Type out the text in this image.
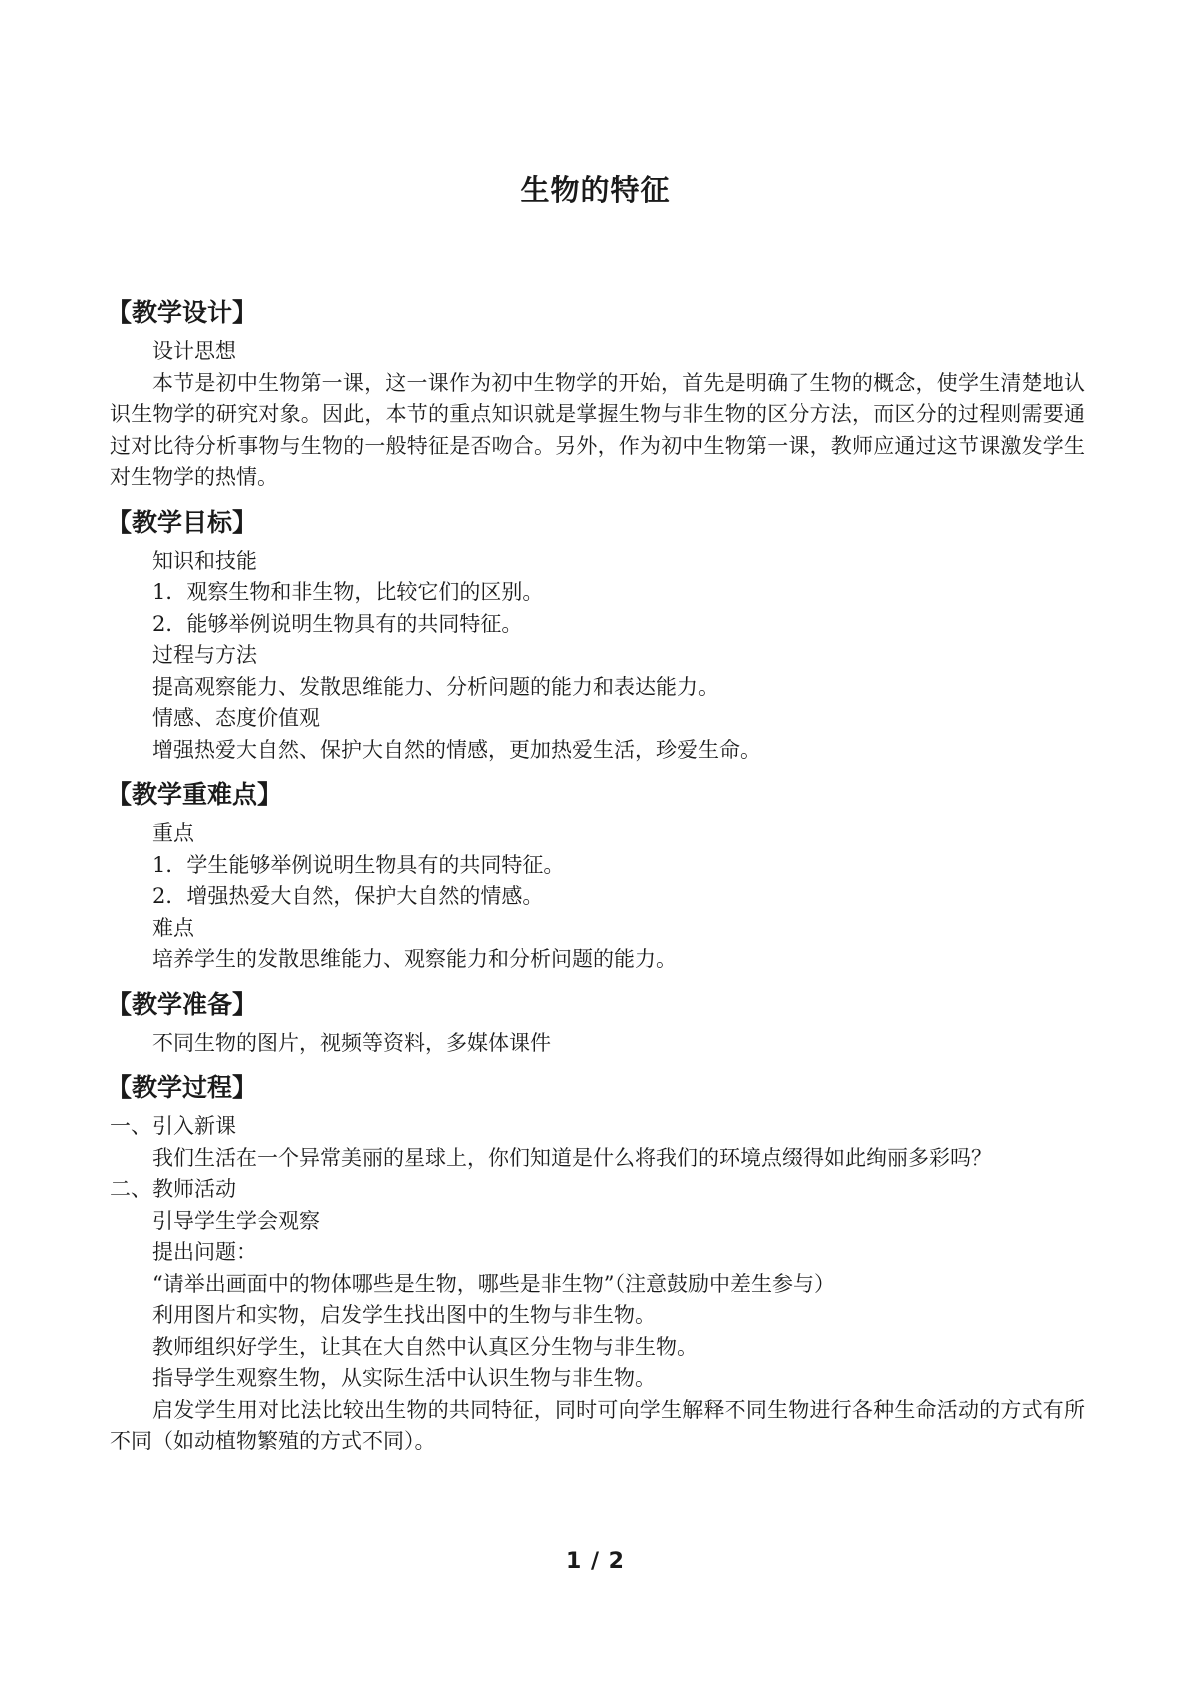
生物的特征
【教学设计】

设计思想

本节是初中生物第一课，这一课作为初中生物学的开始，首先是明确了生物的概念，使学生清楚地认识生物学的研究对象。因此，本节的重点知识就是掌握生物与非生物的区分方法，而区分的过程则需要通过对比待分析事物与生物的一般特征是否吻合。另外，作为初中生物第一课，教师应通过这节课激发学生对生物学的热情。

【教学目标】

知识和技能

1．观察生物和非生物，比较它们的区别。

2．能够举例说明生物具有的共同特征。

过程与方法

提高观察能力、发散思维能力、分析问题的能力和表达能力。

情感、态度价值观

增强热爱大自然、保护大自然的情感，更加热爱生活，珍爱生命。

【教学重难点】

重点

1．学生能够举例说明生物具有的共同特征。

2．增强热爱大自然，保护大自然的情感。

难点

培养学生的发散思维能力、观察能力和分析问题的能力。

【教学准备】

不同生物的图片，视频等资料，多媒体课件

【教学过程】

一、引入新课

我们生活在一个异常美丽的星球上，你们知道是什么将我们的环境点缀得如此绚丽多彩吗？

二、教师活动

引导学生学会观察

提出问题：

“请举出画面中的物体哪些是生物，哪些是非生物”（注意鼓励中差生参与）

利用图片和实物，启发学生找出图中的生物与非生物。

教师组织好学生，让其在大自然中认真区分生物与非生物。

指导学生观察生物，从实际生活中认识生物与非生物。

启发学生用对比法比较出生物的共同特征，同时可向学生解释不同生物进行各种生命活动的方式有所不同（如动植物繁殖的方式不同）。

1 / 2
